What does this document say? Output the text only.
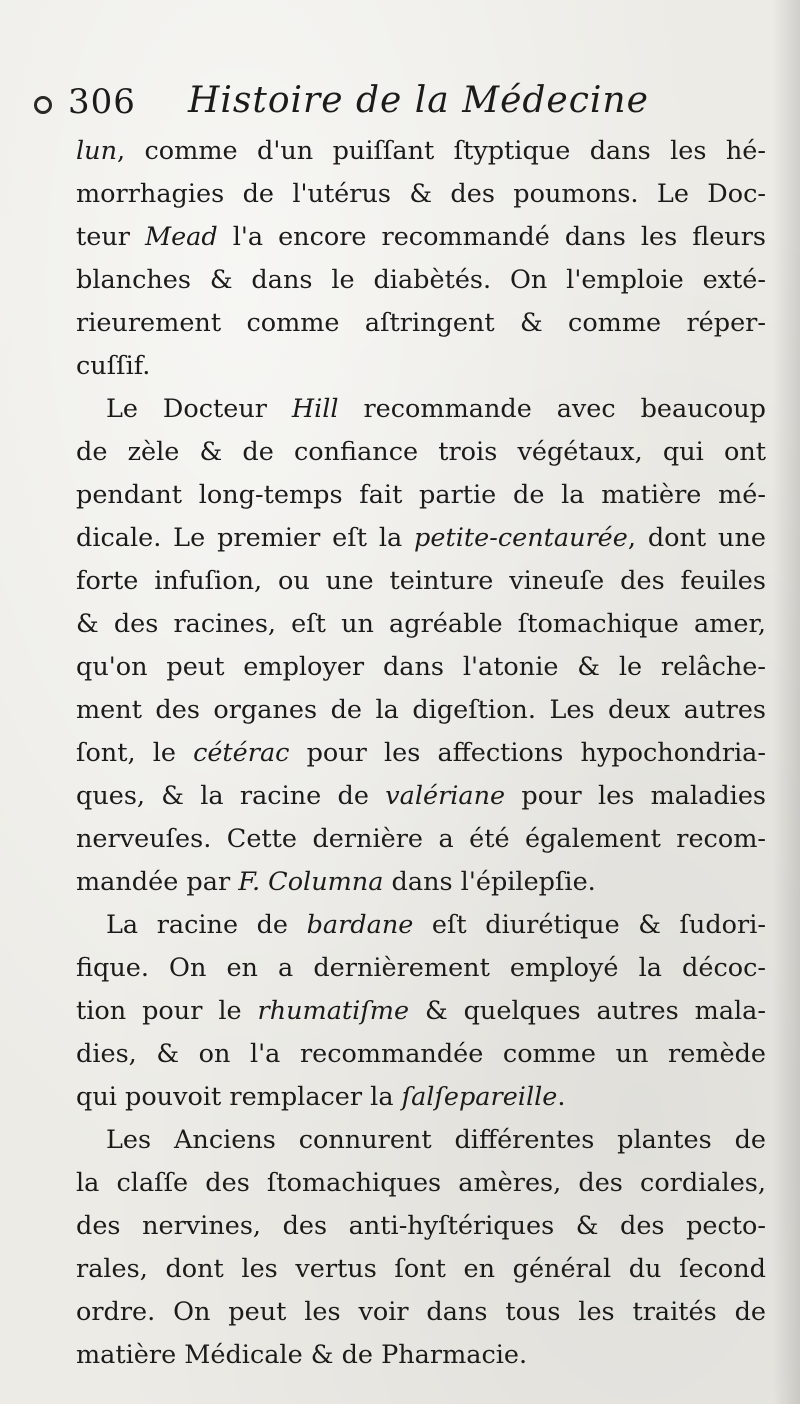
306 Histoire de la Médecine
lun, comme d'un puiſſant ſtyptique dans les hé-
morrhagies de l'utérus & des poumons. Le Doc-
teur Mead l'a encore recommandé dans les fleurs
blanches & dans le diabètés. On l'emploie exté-
rieurement comme aſtringent & comme réper-
cuſſif.
Le Docteur Hill recommande avec beaucoup
de zèle & de confiance trois végétaux, qui ont
pendant long-temps fait partie de la matière mé-
dicale. Le premier eſt la petite-centaurée, dont une
forte infuſion, ou une teinture vineuſe des feuiles
& des racines, eſt un agréable ſtomachique amer,
qu'on peut employer dans l'atonie & le relâche-
ment des organes de la digeſtion. Les deux autres
ſont, le cétérac pour les affections hypochondria-
ques, & la racine de valériane pour les maladies
nerveuſes. Cette dernière a été également recom-
mandée par F. Columna dans l'épilepſie.
La racine de bardane eſt diurétique & ſudori-
fique. On en a dernièrement employé la décoc-
tion pour le rhumatiſme & quelques autres mala-
dies, & on l'a recommandée comme un remède
qui pouvoit remplacer la ſalſepareille.
Les Anciens connurent différentes plantes de
la claſſe des ſtomachiques amères, des cordiales,
des nervines, des anti-hyſtériques & des pecto-
rales, dont les vertus ſont en général du ſecond
ordre. On peut les voir dans tous les traités de
matière Médicale & de Pharmacie.
